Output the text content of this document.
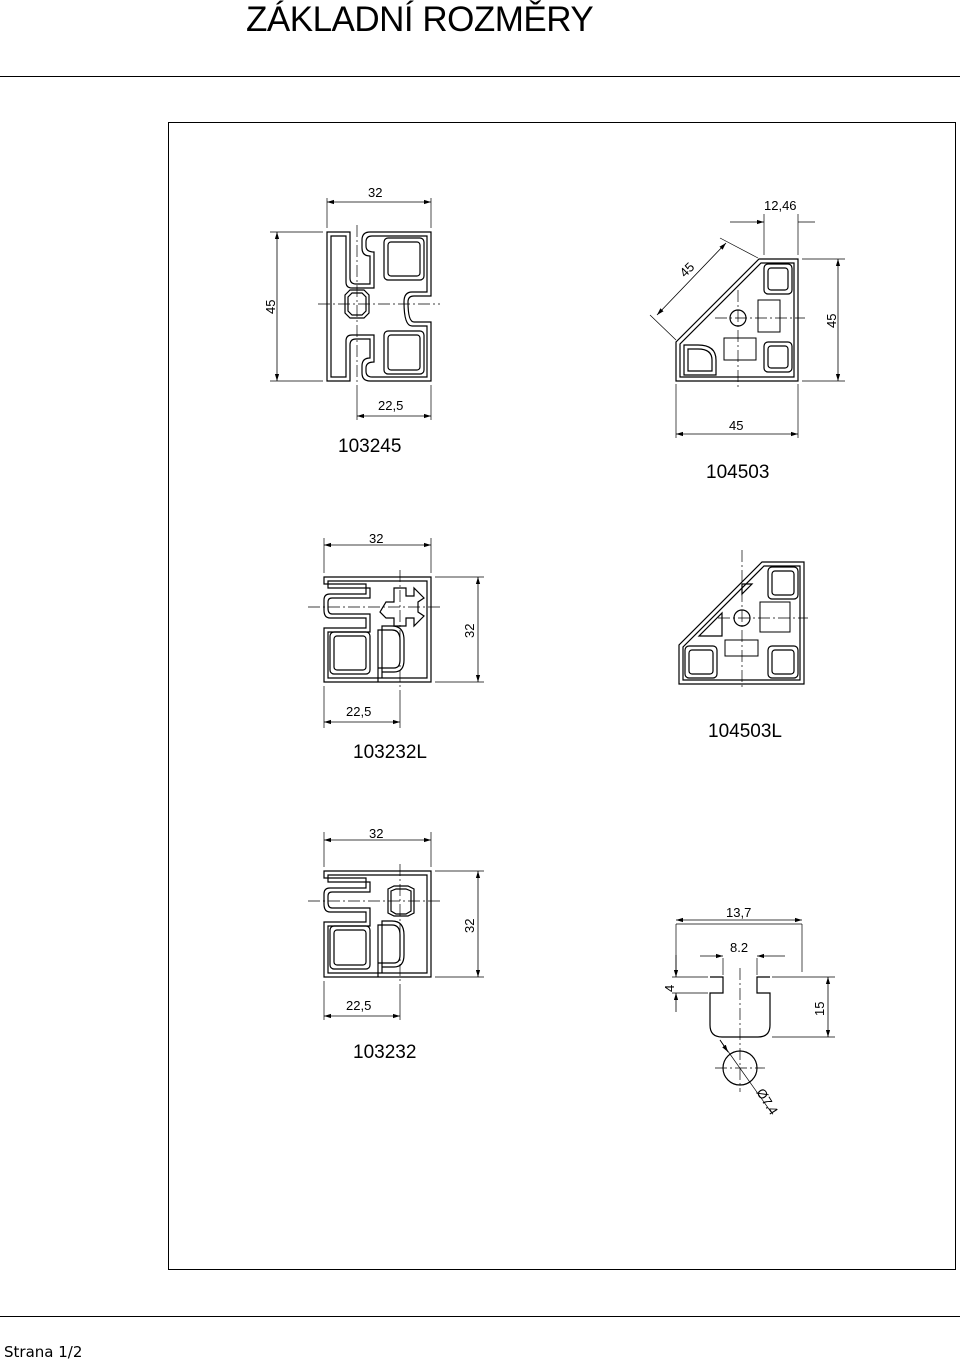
ZÁKLADNÍ ROZMĚRY
32
45
22,5
103245
45
12,46
45
45
104503
32
32
22,5
103232L
104503L
32
32
22,5
103232
13,7
8.2
4
15
Ø7.4
Strana 1/2
